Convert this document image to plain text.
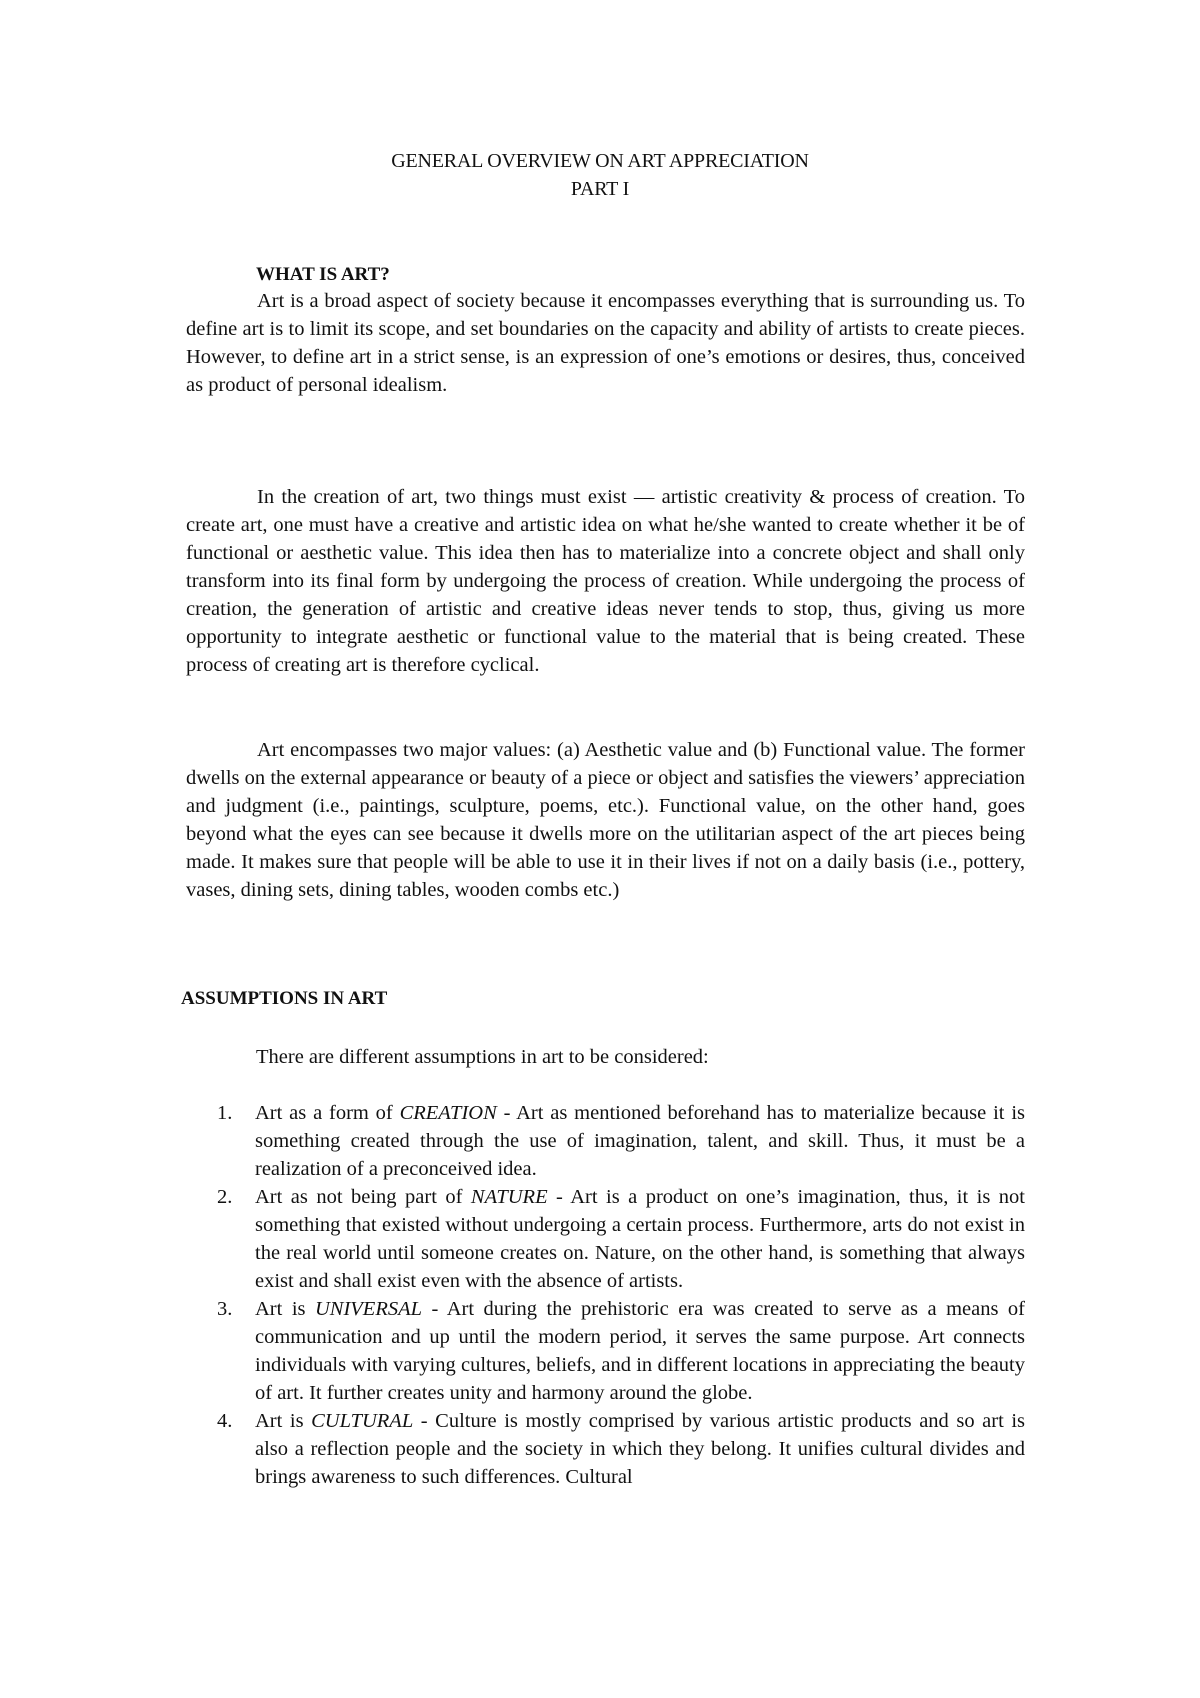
GENERAL OVERVIEW ON ART APPRECIATION
PART I
WHAT IS ART?

Art is a broad aspect of society because it encompasses everything that is surrounding us. To define art is to limit its scope, and set boundaries on the capacity and ability of artists to create pieces. However, to define art in a strict sense, is an expression of one’s emotions or desires, thus, conceived as product of personal idealism.

In the creation of art, two things must exist — artistic creativity & process of creation. To create art, one must have a creative and artistic idea on what he/she wanted to create whether it be of functional or aesthetic value. This idea then has to materialize into a concrete object and shall only transform into its final form by undergoing the process of creation. While undergoing the process of creation, the generation of artistic and creative ideas never tends to stop, thus, giving us more opportunity to integrate aesthetic or functional value to the material that is being created. These process of creating art is therefore cyclical.

Art encompasses two major values: (a) Aesthetic value and (b) Functional value. The former dwells on the external appearance or beauty of a piece or object and satisfies the viewers’ appreciation and judgment (i.e., paintings, sculpture, poems, etc.). Functional value, on the other hand, goes beyond what the eyes can see because it dwells more on the utilitarian aspect of the art pieces being made. It makes sure that people will be able to use it in their lives if not on a daily basis (i.e., pottery, vases, dining sets, dining tables, wooden combs etc.)

ASSUMPTIONS IN ART

There are different assumptions in art to be considered:

1. Art as a form of CREATION - Art as mentioned beforehand has to materialize because it is something created through the use of imagination, talent, and skill. Thus, it must be a realization of a preconceived idea.
2. Art as not being part of NATURE - Art is a product on one’s imagination, thus, it is not something that existed without undergoing a certain process. Furthermore, arts do not exist in the real world until someone creates on. Nature, on the other hand, is something that always exist and shall exist even with the absence of artists.
3. Art is UNIVERSAL - Art during the prehistoric era was created to serve as a means of communication and up until the modern period, it serves the same purpose. Art connects individuals with varying cultures, beliefs, and in different locations in appreciating the beauty of art. It further creates unity and harmony around the globe.
4. Art is CULTURAL - Culture is mostly comprised by various artistic products and so art is also a reflection people and the society in which they belong. It unifies cultural divides and brings awareness to such differences. Cultural
